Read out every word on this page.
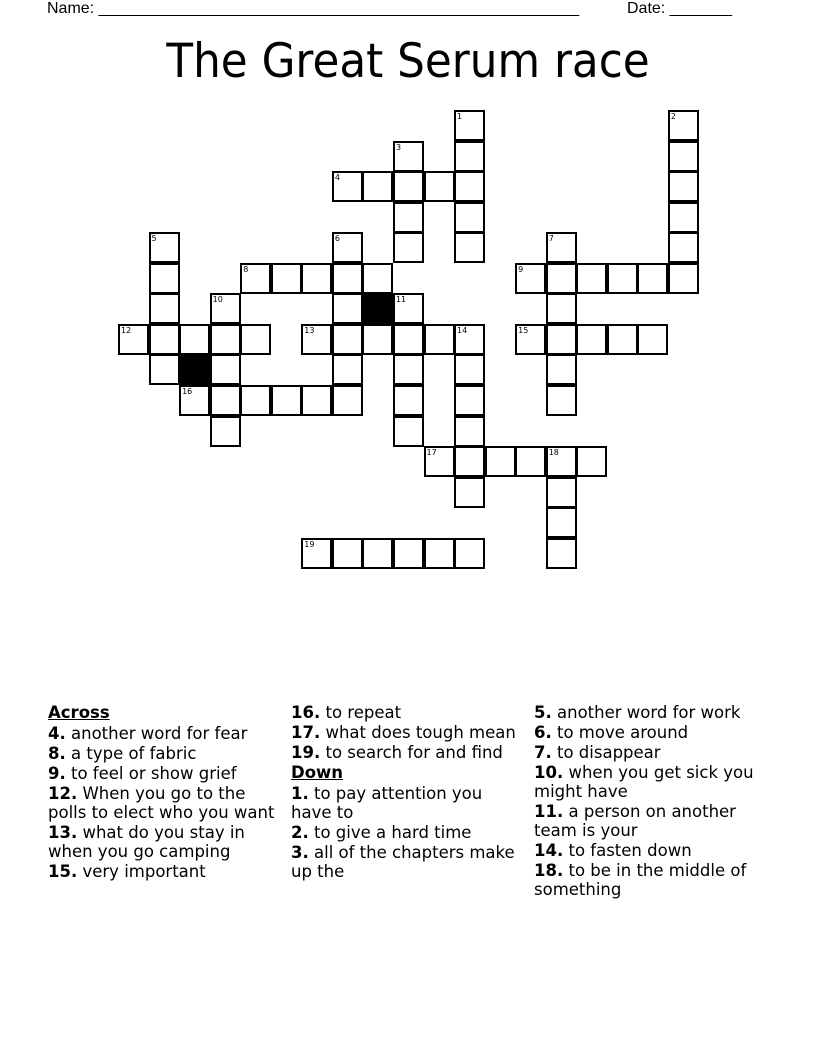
Name: ______________________________________________________	Date: _______
The Great Serum race
1	2
3
4
5	6	7
8	9
10	11
12	13	14	15
16
17	18
19
Across
4. another word for fear
8. a type of fabric
9. to feel or show grief
12. When you go to the polls to elect who you want
13. what do you stay in when you go camping
15. very important
16. to repeat
17. what does tough mean
19. to search for and find
Down
1. to pay attention you have to
2. to give a hard time
3. all of the chapters make up the
5. another word for work
6. to move around
7. to disappear
10. when you get sick you might have
11. a person on another team is your
14. to fasten down
18. to be in the middle of something
